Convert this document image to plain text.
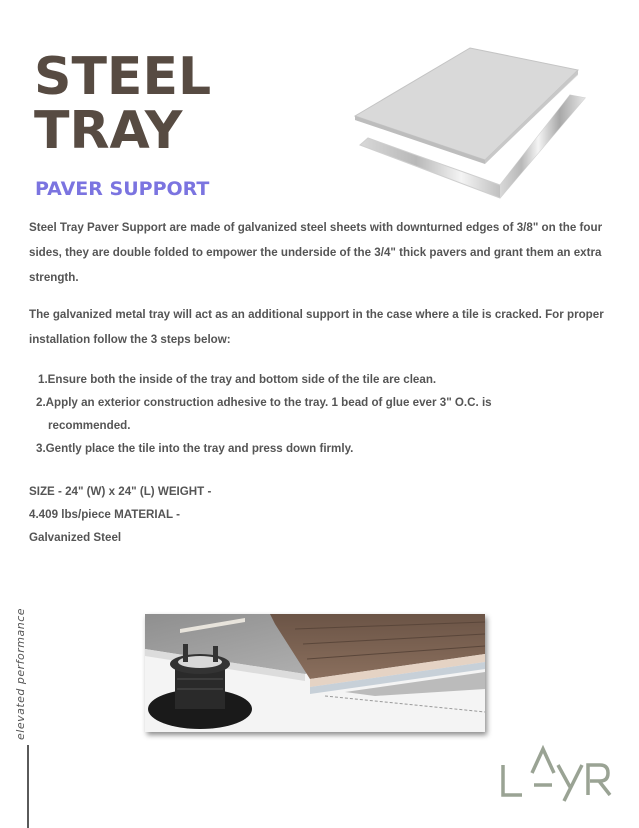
STEEL
TRAY
PAVER SUPPORT
Steel Tray Paver Support are made of galvanized steel sheets with downturned edges of 3/8" on the four sides, they are double folded to empower the underside of the 3/4" thick pavers and grant them an extra strength.
The galvanized metal tray will act as an additional support in the case where a tile is cracked. For proper installation follow the 3 steps below:
1.Ensure both the inside of the tray and bottom side of the tile are clean.
2.Apply an exterior construction adhesive to the tray. 1 bead of glue ever 3" O.C. is
recommended.
3.Gently place the tile into the tray and press down firmly.
SIZE - 24" (W) x 24" (L) WEIGHT -
4.409 lbs/piece MATERIAL -
Galvanized Steel
elevated performance
